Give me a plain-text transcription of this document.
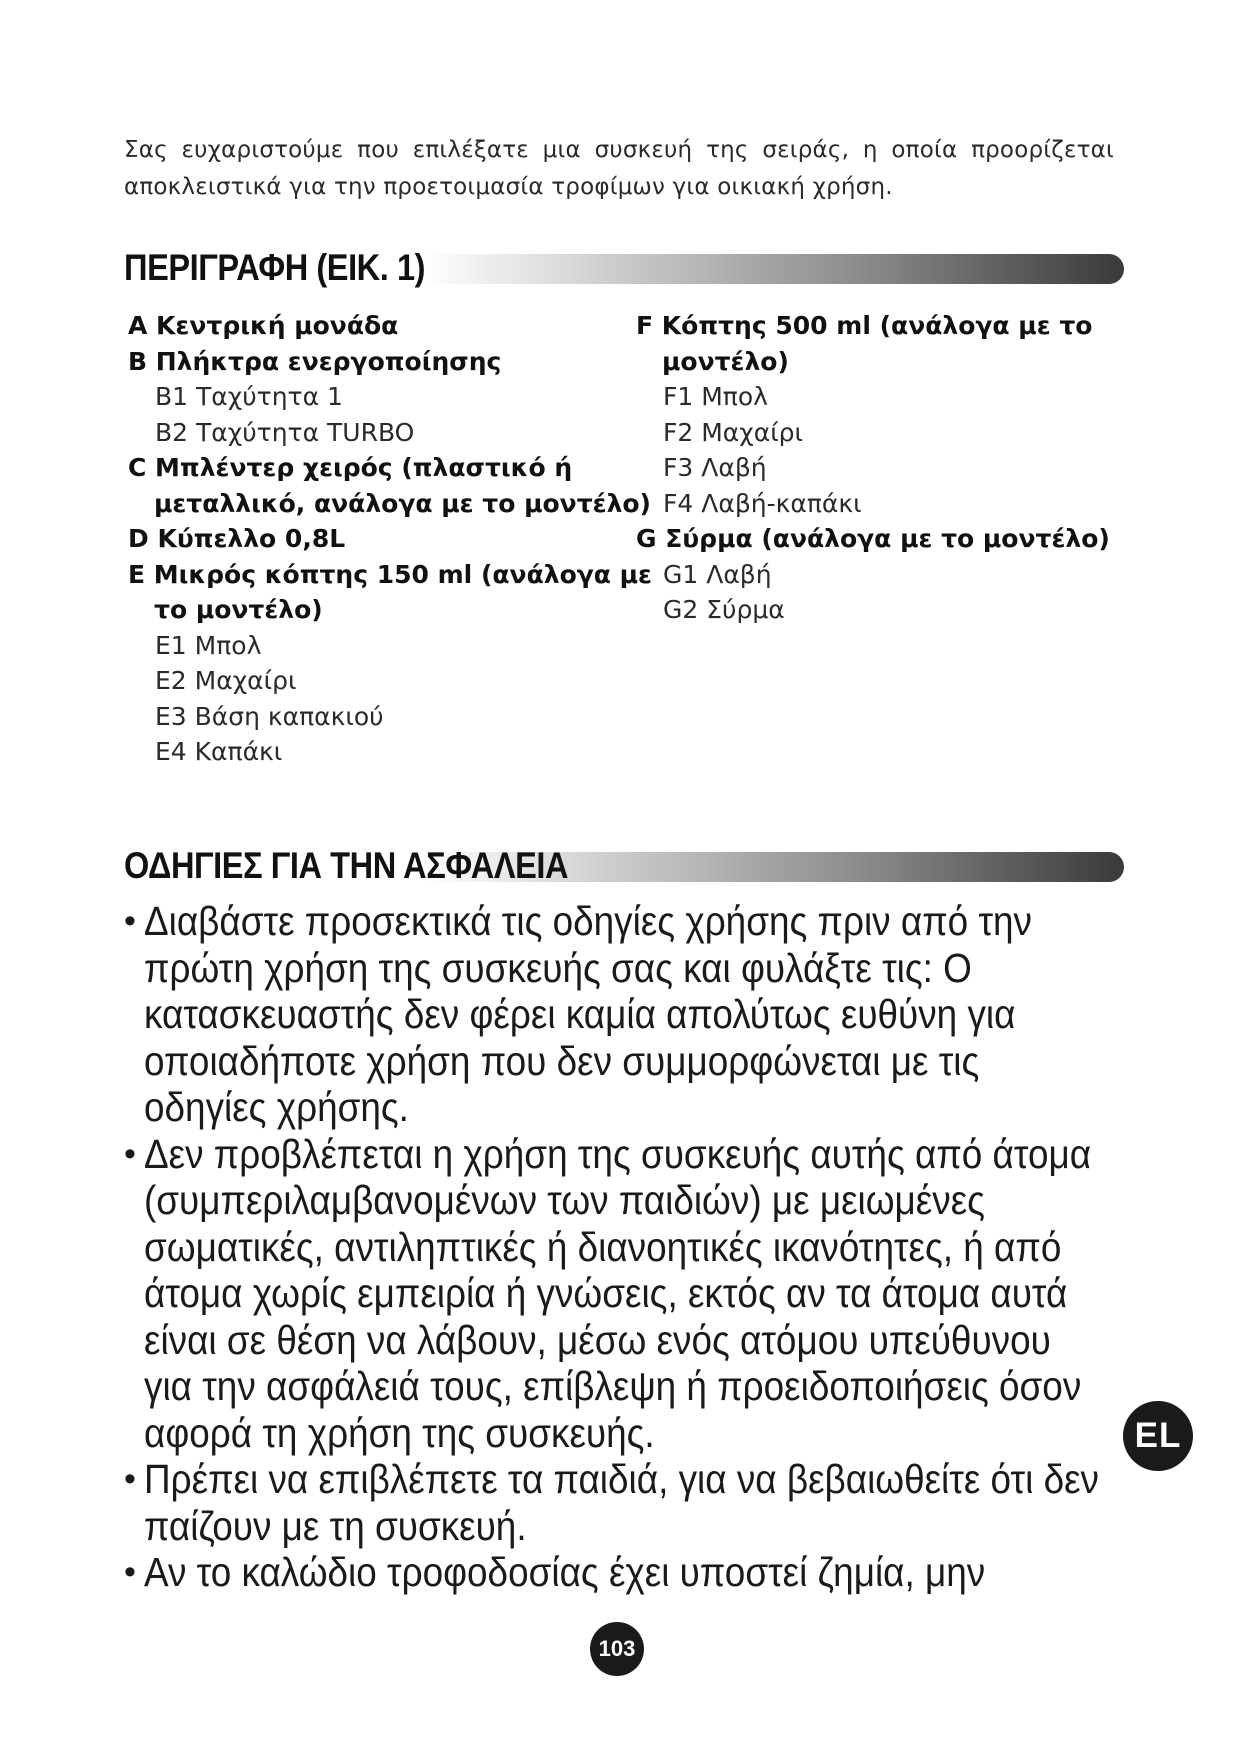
Σας ευχαριστούμε που επιλέξατε μια συσκευή της σειράς, η οποία προορίζεται
αποκλειστικά για την προετοιμασία τροφίμων για οικιακή χρήση.
ΠΕΡΙΓΡΑΦΗ (ΕΙΚ. 1)
A Κεντρική μονάδα
B Πλήκτρα ενεργοποίησης
B1 Ταχύτητα 1
B2 Ταχύτητα TURBO
C Μπλέντερ χειρός (πλαστικό ή
μεταλλικό, ανάλογα με το μοντέλο)
D Κύπελλο 0,8L
E Μικρός κόπτης 150 ml (ανάλογα με
το μοντέλο)
E1 Μπολ
E2 Μαχαίρι
E3 Βάση καπακιού
E4 Καπάκι
F Κόπτης 500 ml (ανάλογα με το
μοντέλο)
F1 Μπολ
F2 Μαχαίρι
F3 Λαβή
F4 Λαβή-καπάκι
G Σύρμα (ανάλογα με το μοντέλο)
G1 Λαβή
G2 Σύρμα
ΟΔΗΓΙΕΣ ΓΙΑ ΤΗΝ ΑΣΦΑΛΕΙΑ
• Διαβάστε προσεκτικά τις οδηγίες χρήσης πριν από την
πρώτη χρήση της συσκευής σας και φυλάξτε τις: Ο
κατασκευαστής δεν φέρει καμία απολύτως ευθύνη για
οποιαδήποτε χρήση που δεν συμμορφώνεται με τις
οδηγίες χρήσης.
• Δεν προβλέπεται η χρήση της συσκευής αυτής από άτομα
(συμπεριλαμβανομένων των παιδιών) με μειωμένες
σωματικές, αντιληπτικές ή διανοητικές ικανότητες, ή από
άτομα χωρίς εμπειρία ή γνώσεις, εκτός αν τα άτομα αυτά
είναι σε θέση να λάβουν, μέσω ενός ατόμου υπεύθυνου
για την ασφάλειά τους, επίβλεψη ή προειδοποιήσεις όσον
αφορά τη χρήση της συσκευής.
• Πρέπει να επιβλέπετε τα παιδιά, για να βεβαιωθείτε ότι δεν
παίζουν με τη συσκευή.
• Αν το καλώδιο τροφοδοσίας έχει υποστεί ζημία, μην
EL
103
